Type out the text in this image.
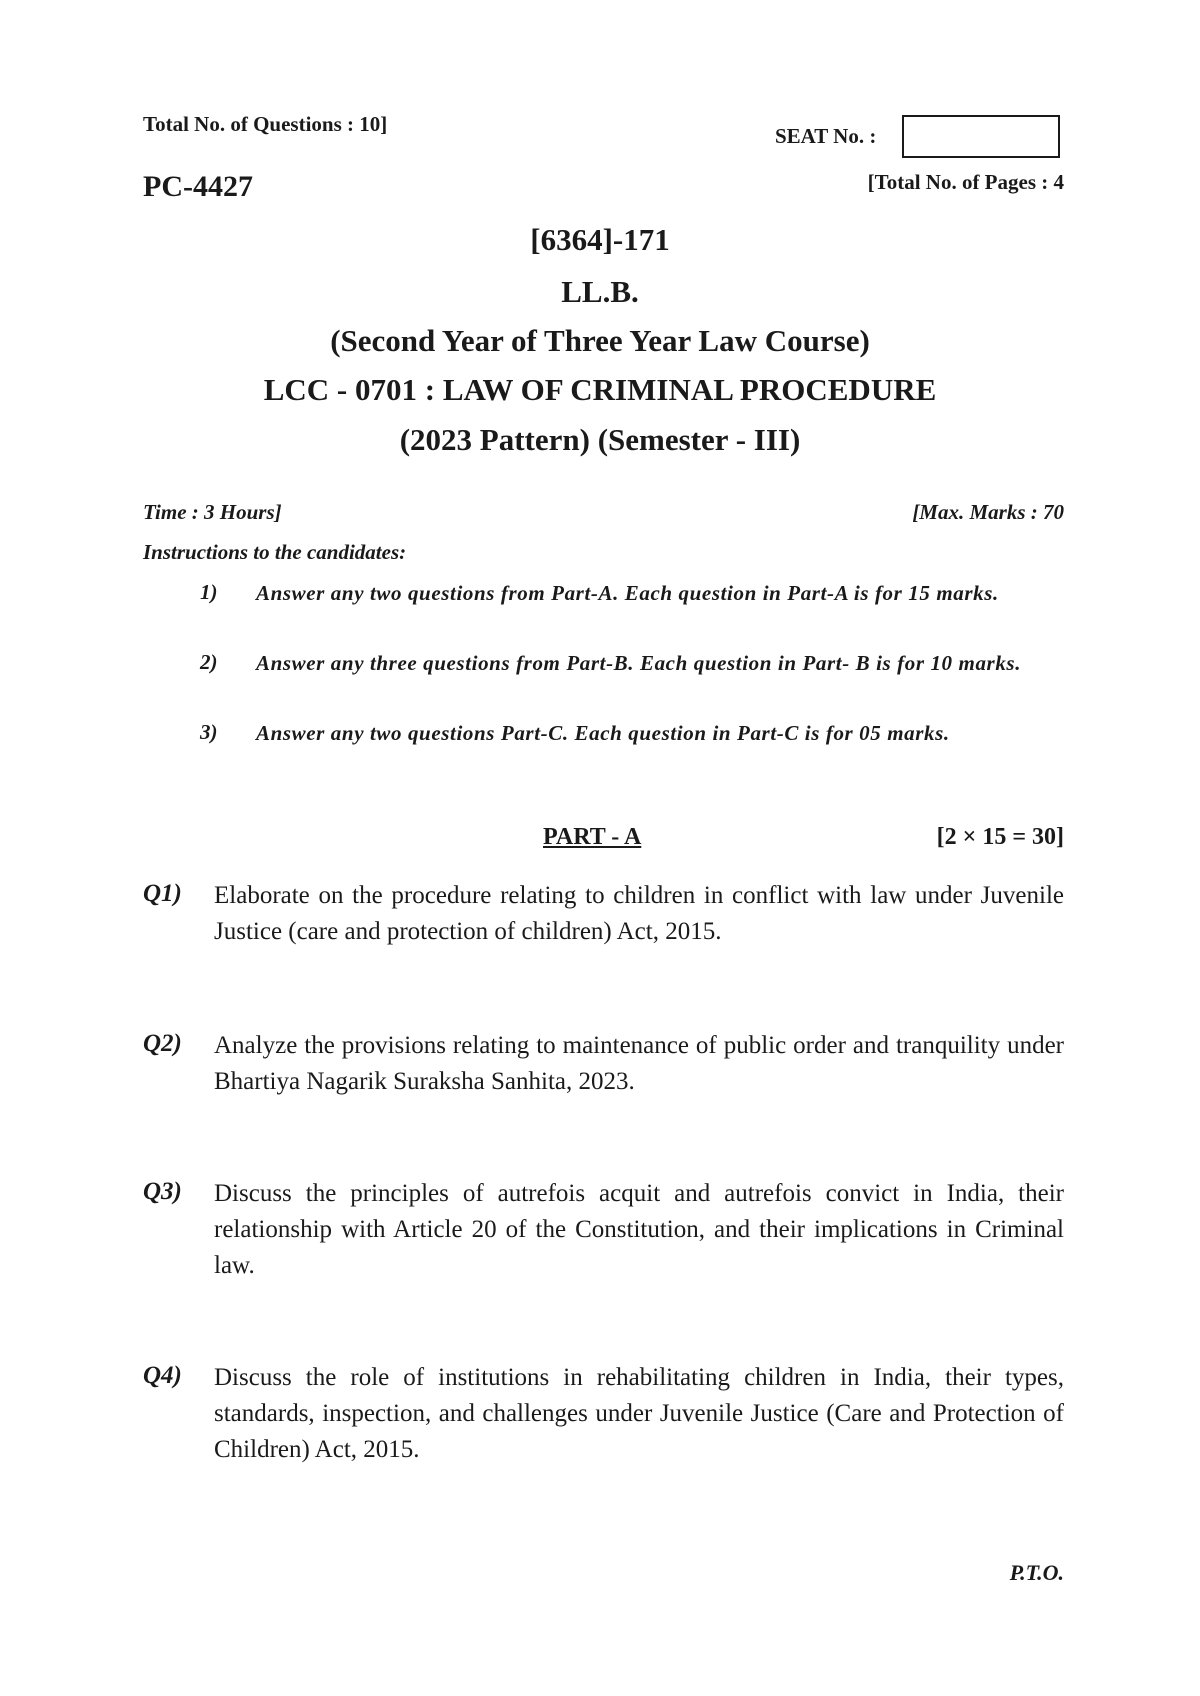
Total No. of Questions : 10]	SEAT No. :
PC-4427	[Total No. of Pages : 4
[6364]-171
LL.B.
(Second Year of Three Year Law Course)
LCC - 0701 : LAW OF CRIMINAL PROCEDURE
(2023 Pattern) (Semester - III)
Time : 3 Hours]	[Max. Marks : 70
Instructions to the candidates:
1) Answer any two questions from Part-A. Each question in Part-A is for 15 marks.
2) Answer any three questions from Part-B. Each question in Part- B is for 10 marks.
3) Answer any two questions Part-C. Each question in Part-C is for 05 marks.
PART - A	[2 × 15 = 30]
Q1) Elaborate on the procedure relating to children in conflict with law under Juvenile Justice (care and protection of children) Act, 2015.
Q2) Analyze the provisions relating to maintenance of public order and tranquility under Bhartiya Nagarik Suraksha Sanhita, 2023.
Q3) Discuss the principles of autrefois acquit and autrefois convict in India, their relationship with Article 20 of the Constitution, and their implications in Criminal law.
Q4) Discuss the role of institutions in rehabilitating children in India, their types, standards, inspection, and challenges under Juvenile Justice (Care and Protection of Children) Act, 2015.
P.T.O.
